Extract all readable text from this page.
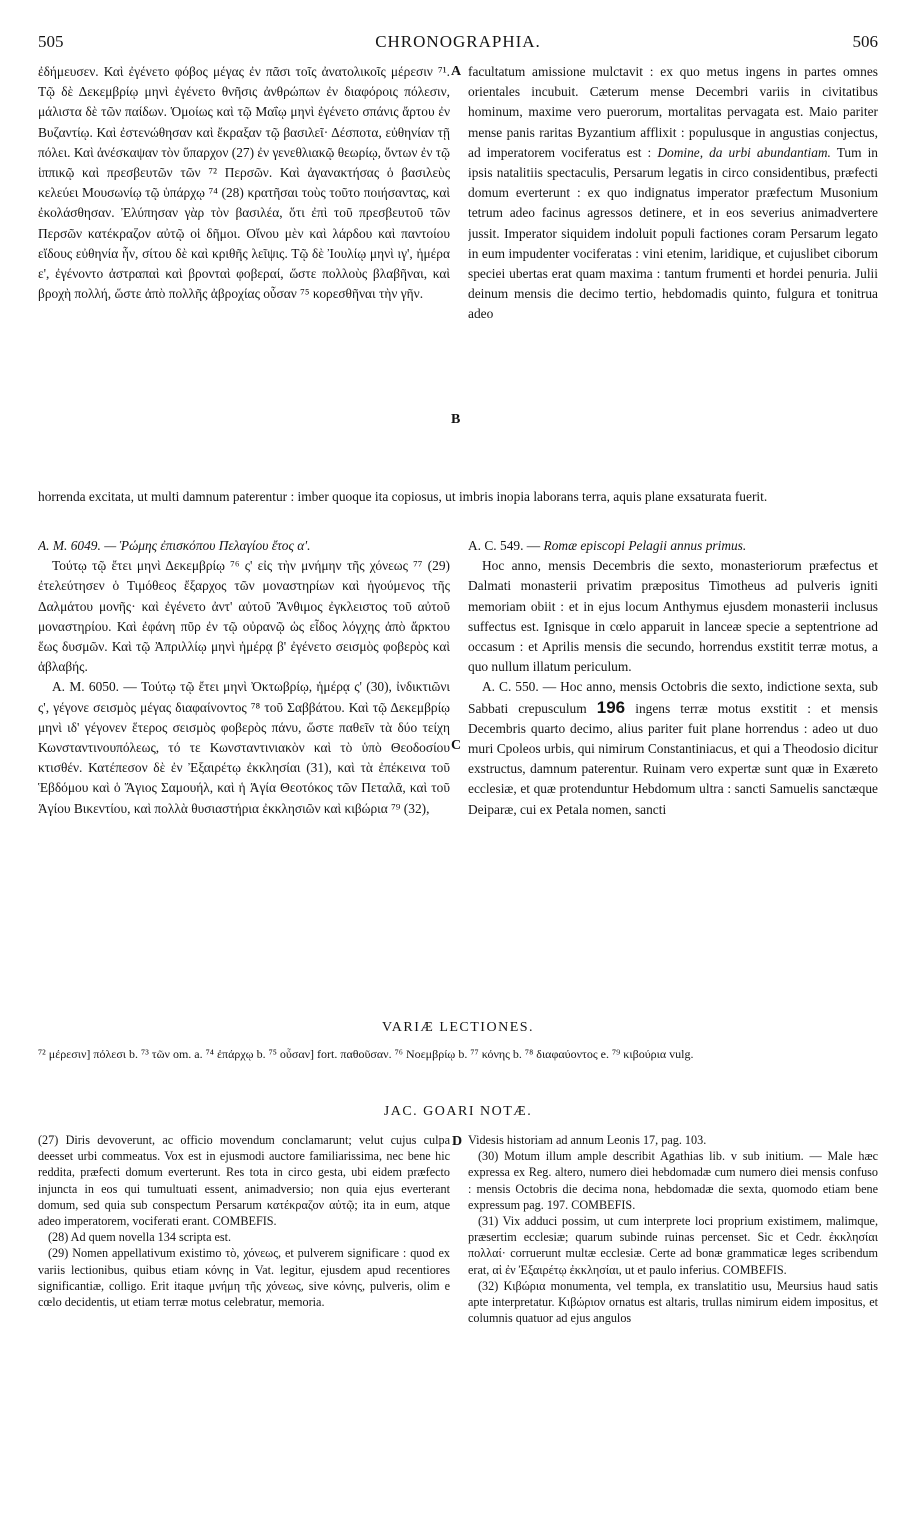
505	CHRONOGRAPHIA.	506

ἐδήμευσεν. Καὶ ἐγένετο φόβος μέγας ἐν πᾶσι τοῖς ἀνατολικοῖς μέρεσιν ⁷¹. Τῷ δὲ Δεκεμβρίῳ μηνὶ ἐγένετο θνῆσις ἀνθρώπων ἐν διαφόροις πόλεσιν, μάλιστα δὲ τῶν παίδων. Ὁμοίως καὶ τῷ Μαΐῳ μηνὶ ἐγένετο σπάνις ἄρτου ἐν Βυζαντίῳ. Καὶ ἐστενώθησαν καὶ ἔκραξαν τῷ βασιλεῖ· Δέσποτα, εὐθηνίαν τῇ πόλει. Καὶ ἀνέσκαψαν τὸν ὕπαρχον (27) ἐν γενεθλιακῷ θεωρίῳ, ὄντων ἐν τῷ ἱππικῷ καὶ πρεσβευτῶν τῶν ⁷² Περσῶν. Καὶ ἀγανακτήσας ὁ βασιλεὺς κελεύει Μουσωνίῳ τῷ ὑπάρχῳ ⁷⁴ (28) κρατῆσαι τοὺς τοῦτο ποιήσαντας, καὶ ἐκολάσθησαν. Ἐλύπησαν γὰρ τὸν βασιλέα, ὅτι ἐπὶ τοῦ πρεσβευτοῦ τῶν Περσῶν κατέκραζον αὐτῷ οἱ δῆμοι. Οἴνου μὲν καὶ λάρδου καὶ παντοίου εἴδους εὐθηνία ἦν, σίτου δὲ καὶ κριθῆς λεῖψις. Τῷ δὲ Ἰουλίῳ μηνὶ ιγ', ἡμέρα ε', ἐγένοντο ἀστραπαὶ καὶ βρονταὶ φοβεραί, ὥστε πολλοὺς βλαβῆναι, καὶ βροχὴ πολλή, ὥστε ἀπὸ πολλῆς ἀβροχίας οὖσαν ⁷⁵ κορεσθῆναι τὴν γῆν.

facultatum amissione mulctavit : ex quo metus ingens in partes omnes orientales incubuit. Cæterum mense Decembri variis in civitatibus hominum, maxime vero puerorum, mortalitas pervagata est. Maio pariter mense panis raritas Byzantium afflixit : populusque in angustias conjectus, ad imperatorem vociferatus est : Domine, da urbi abundantiam. Tum in ipsis natalitiis spectaculis, Persarum legatis in circo considentibus, præfecti domum everterunt : ex quo indignatus imperator præfectum Musonium tetrum adeo facinus agressos detinere, et in eos severius animadvertere jussit. Imperator siquidem indoluit populi factiones coram Persarum legato in eum impudenter vociferatas : vini etenim, laridique, et cujuslibet ciborum speciei ubertas erat quam maxima : tantum frumenti et hordei penuria. Julii deinum mensis die decimo tertio, hebdomadis quinto, fulgura et tonitrua adeo

A
B
horrenda excitata, ut multi damnum paterentur : imber quoque ita copiosus, ut imbris inopia laborans terra, aquis plane exsaturata fuerit.

A. M. 6049. — Ῥώμης ἐπισκόπου Πελαγίου ἔτος α'.

Τούτῳ τῷ ἔτει μηνὶ Δεκεμβρίῳ ⁷⁶ ς' εἰς τὴν μνήμην τῆς χόνεως ⁷⁷ (29) ἐτελεύτησεν ὁ Τιμόθεος ἔξαρχος τῶν μοναστηρίων καὶ ἡγούμενος τῆς Δαλμάτου μονῆς· καὶ ἐγένετο ἀντ' αὐτοῦ Ἄνθιμος ἐγκλειστος τοῦ αὐτοῦ μοναστηρίου. Καὶ ἐφάνη πῦρ ἐν τῷ οὐρανῷ ὡς εἶδος λόγχης ἀπὸ ἄρκτου ἕως δυσμῶν. Καὶ τῷ Ἀπριλλίῳ μηνὶ ἡμέρᾳ β' ἐγένετο σεισμὸς φοβερὸς καὶ ἀβλαβής.

A. M. 6050. — Τούτῳ τῷ ἔτει μηνὶ Ὀκτωβρίῳ, ἡμέρᾳ ς' (30), ἰνδικτιῶνι ς', γέγονε σεισμὸς μέγας διαφαίνοντος ⁷⁸ τοῦ Σαββάτου. Καὶ τῷ Δεκεμβρίῳ μηνὶ ιδ' γέγονεν ἕτερος σεισμὸς φοβερὸς πάνυ, ὥστε παθεῖν τὰ δύο τείχη Κωνσταντινουπόλεως, τό τε Κωνσταντινιακὸν καὶ τὸ ὑπὸ Θεοδοσίου κτισθέν. Κατέπεσον δὲ ἐν Ἐξαιρέτῳ ἐκκλησίαι (31), καὶ τὰ ἐπέκεινα τοῦ Ἑβδόμου καὶ ὁ Ἅγιος Σαμουήλ, καὶ ἡ Ἁγία Θεοτόκος τῶν Πεταλᾶ, καὶ τοῦ Ἁγίου Βικεντίου, καὶ πολλὰ θυσιαστήρια ἐκκλησιῶν καὶ κιβώρια ⁷⁹ (32),

A. C. 549. — Romæ episcopi Pelagii annus primus.

Hoc anno, mensis Decembris die sexto, monasteriorum præfectus et Dalmati monasterii privatim præpositus Timotheus ad pulveris igniti memoriam obiit : et in ejus locum Anthymus ejusdem monasterii inclusus suffectus est. Ignisque in cœlo apparuit in lanceæ specie a septentrione ad occasum : et Aprilis mensis die secundo, horrendus exstitit terræ motus, a quo nullum illatum periculum.

A. C. 550. — Hoc anno, mensis Octobris die sexto, indictione sexta, sub Sabbati crepusculum 196 ingens terræ motus exstitit : et mensis Decembris quarto decimo, alius pariter fuit plane horrendus : adeo ut duo muri Cpoleos urbis, qui nimirum Constantiniacus, et qui a Theodosio dicitur exstructus, damnum paterentur. Ruinam vero expertæ sunt quæ in Exæreto ecclesiæ, et quæ protenduntur Hebdomum ultra : sancti Samuelis sanctæque Deiparæ, cui ex Petala nomen, sancti

C
VARIÆ LECTIONES.
⁷² μέρεσιν] πόλεσι b. ⁷³ τῶν om. a. ⁷⁴ ἐπάρχῳ b. ⁷⁵ οὖσαν] fort. παθοῦσαν. ⁷⁶ Νοεμβρίῳ b. ⁷⁷ κόνης b. ⁷⁸ διαφαύοντος e. ⁷⁹ κιβούρια vulg.
JAC. GOARI NOTÆ.

(27) Diris devoverunt, ac officio movendum conclamarunt; velut cujus culpa deesset urbi commeatus. Vox est in ejusmodi auctore familiarissima, nec bene hic reddita, præfecti domum everterunt. Res tota in circo gesta, ubi eidem præfecto injuncta in eos qui tumultuati essent, animadversio; non quia ejus everterant domum, sed quia sub conspectum Persarum κατέκραζον αὐτῷ; ita in eum, atque adeo imperatorem, vociferati erant. COMBEFIS.

(28) Ad quem novella 134 scripta est.

(29) Nomen appellativum existimo τὸ, χόνεως, et pulverem significare : quod ex variis lectionibus, quibus etiam κόνης in Vat. legitur, ejusdem apud recentiores significantiæ, colligo. Erit itaque μνήμη τῆς χόνεως, sive κόνης, pulveris, olim e cœlo decidentis, ut etiam terræ motus celebratur, memoria.

D Videsis historiam ad annum Leonis 17, pag. 103.

(30) Motum illum ample describit Agathias lib. v sub initium. — Male hæc expressa ex Reg. altero, numero diei hebdomadæ cum numero diei mensis confuso : mensis Octobris die decima nona, hebdomadæ die sexta, quomodo etiam bene expressum pag. 197. COMBEFIS.

(31) Vix adduci possim, ut cum interprete loci proprium existimem, malimque, præsertim ecclesiæ; quarum subinde ruinas percenset. Sic et Cedr. ἐκκλησίαι πολλαί· corruerunt multæ ecclesiæ. Certe ad bonæ grammaticæ leges scribendum erat, αἱ ἐν Ἐξαιρέτῳ ἐκκλησίαι, ut et paulo inferius. COMBEFIS.

(32) Κιβώρια monumenta, vel templa, ex translatitio usu, Meursius haud satis apte interpretatur. Κιβώριον ornatus est altaris, trullas nimirum eidem impositus, et columnis quatuor ad ejus angulos
